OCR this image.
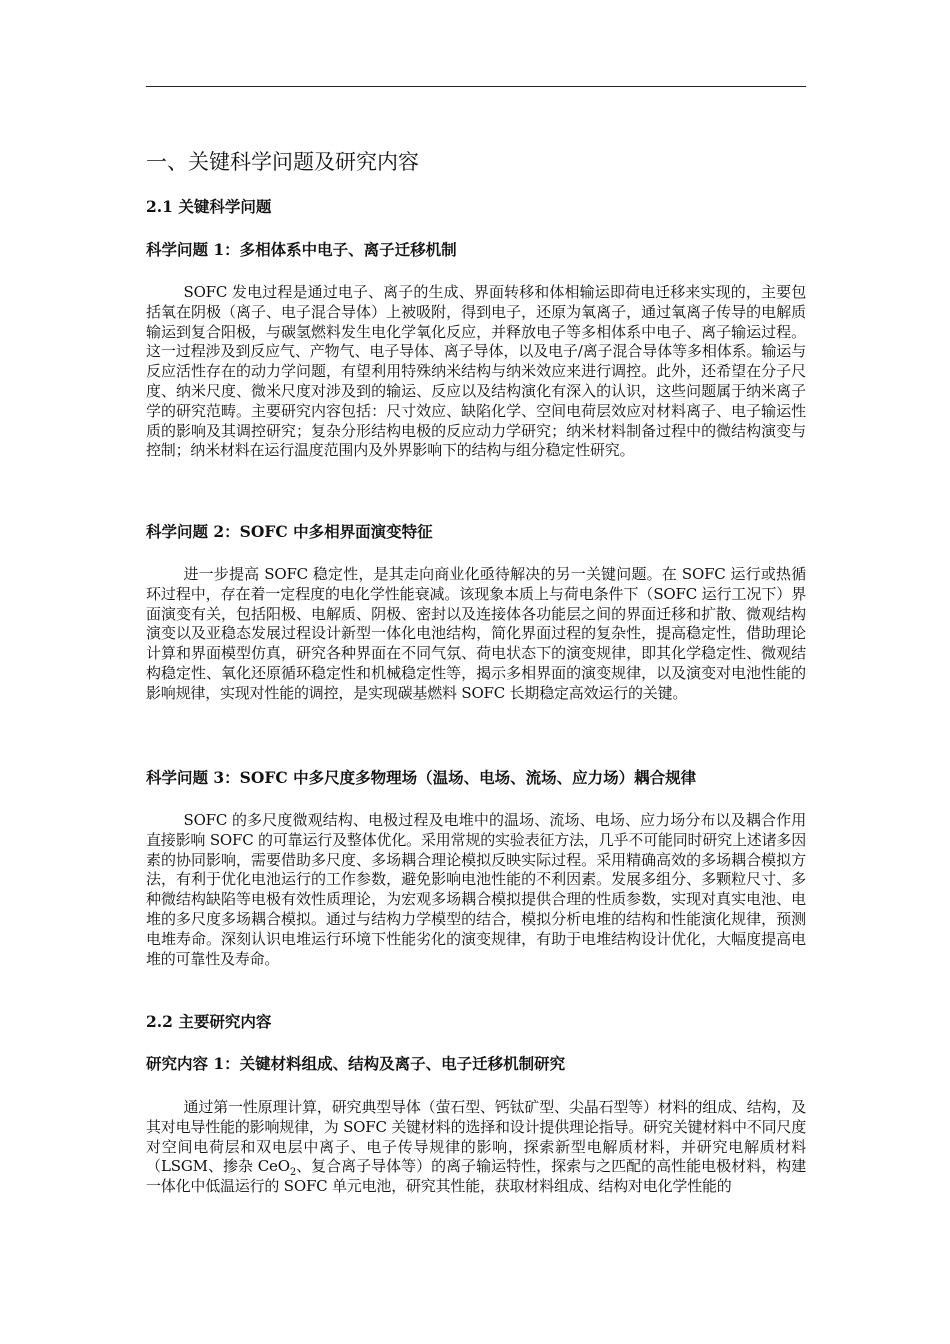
一、关键科学问题及研究内容
2.1 关键科学问题
科学问题 1：多相体系中电子、离子迁移机制

SOFC 发电过程是通过电子、离子的生成、界面转移和体相输运即荷电迁移来实现的，主要包括氧在阴极（离子、电子混合导体）上被吸附，得到电子，还原为氧离子，通过氧离子传导的电解质输运到复合阳极，与碳氢燃料发生电化学氧化反应，并释放电子等多相体系中电子、离子输运过程。这一过程涉及到反应气、产物气、电子导体、离子导体，以及电子/离子混合导体等多相体系。输运与反应活性存在的动力学问题，有望利用特殊纳米结构与纳米效应来进行调控。此外，还希望在分子尺度、纳米尺度、微米尺度对涉及到的输运、反应以及结构演化有深入的认识，这些问题属于纳米离子学的研究范畴。主要研究内容包括：尺寸效应、缺陷化学、空间电荷层效应对材料离子、电子输运性质的影响及其调控研究；复杂分形结构电极的反应动力学研究；纳米材料制备过程中的微结构演变与控制；纳米材料在运行温度范围内及外界影响下的结构与组分稳定性研究。

科学问题 2：SOFC 中多相界面演变特征

进一步提高 SOFC 稳定性，是其走向商业化亟待解决的另一关键问题。在 SOFC 运行或热循环过程中，存在着一定程度的电化学性能衰减。该现象本质上与荷电条件下（SOFC 运行工况下）界面演变有关，包括阳极、电解质、阴极、密封以及连接体各功能层之间的界面迁移和扩散、微观结构演变以及亚稳态发展过程设计新型一体化电池结构，简化界面过程的复杂性，提高稳定性，借助理论计算和界面模型仿真，研究各种界面在不同气氛、荷电状态下的演变规律，即其化学稳定性、微观结构稳定性、氧化还原循环稳定性和机械稳定性等，揭示多相界面的演变规律，以及演变对电池性能的影响规律，实现对性能的调控，是实现碳基燃料 SOFC 长期稳定高效运行的关键。

科学问题 3：SOFC 中多尺度多物理场（温场、电场、流场、应力场）耦合规律

SOFC 的多尺度微观结构、电极过程及电堆中的温场、流场、电场、应力场分布以及耦合作用直接影响 SOFC 的可靠运行及整体优化。采用常规的实验表征方法，几乎不可能同时研究上述诸多因素的协同影响，需要借助多尺度、多场耦合理论模拟反映实际过程。采用精确高效的多场耦合模拟方法，有利于优化电池运行的工作参数，避免影响电池性能的不利因素。发展多组分、多颗粒尺寸、多种微结构缺陷等电极有效性质理论，为宏观多场耦合模拟提供合理的性质参数，实现对真实电池、电堆的多尺度多场耦合模拟。通过与结构力学模型的结合，模拟分析电堆的结构和性能演化规律，预测电堆寿命。深刻认识电堆运行环境下性能劣化的演变规律，有助于电堆结构设计优化，大幅度提高电堆的可靠性及寿命。

2.2 主要研究内容
研究内容 1：关键材料组成、结构及离子、电子迁移机制研究

通过第一性原理计算，研究典型导体（萤石型、钙钛矿型、尖晶石型等）材料的组成、结构，及其对电导性能的影响规律，为 SOFC 关键材料的选择和设计提供理论指导。研究关键材料中不同尺度对空间电荷层和双电层中离子、电子传导规律的影响，探索新型电解质材料，并研究电解质材料（LSGM、掺杂 CeO$_2$、复合离子导体等）的离子输运特性，探索与之匹配的高性能电极材料，构建一体化中低温运行的 SOFC 单元电池，研究其性能，获取材料组成、结构对电化学性能的
